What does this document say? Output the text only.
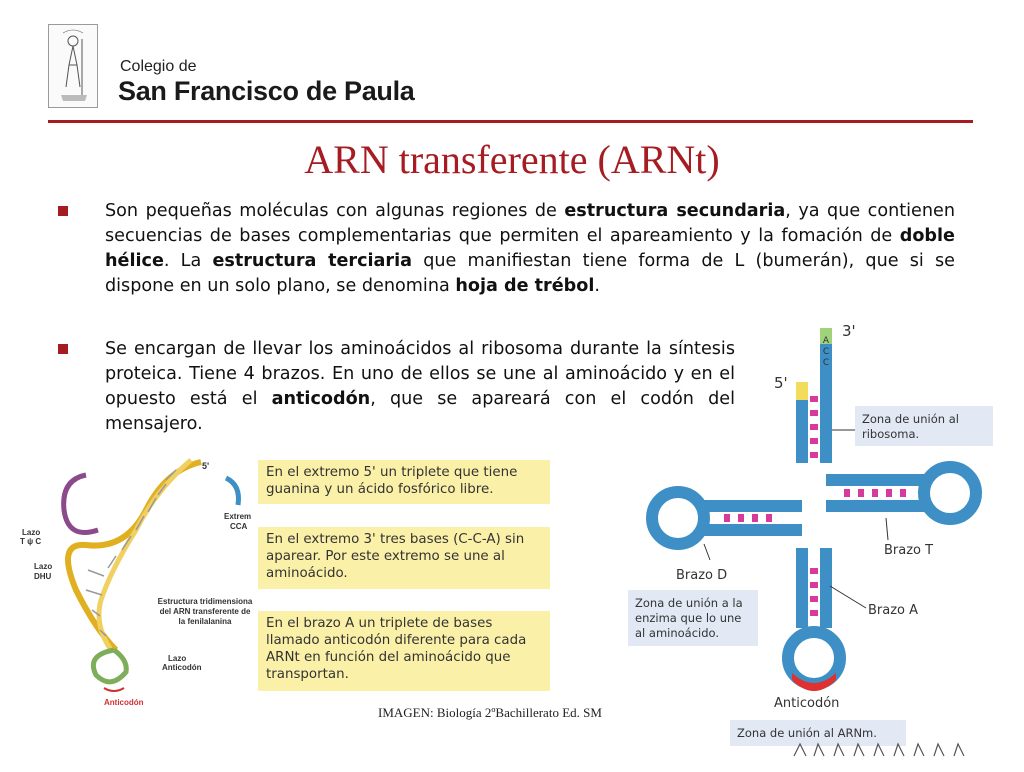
Colegio de
San Francisco de Paula
ARN transferente (ARNt)
Son pequeñas moléculas con algunas regiones de estructura secundaria, ya que contienen secuencias de bases complementarias que permiten el apareamiento y la fomación de doble hélice. La estructura terciaria que manifiestan tiene forma de L (bumerán), que si se dispone en un solo plano, se denomina hoja de trébol.
Se encargan de llevar los aminoácidos al ribosoma durante la síntesis proteica. Tiene 4 brazos. En uno de ellos se une al aminoácido y en el opuesto está el anticodón, que se apareará con el codón del mensajero.
5'
Extrem
CCA
Lazo
T ψ C
Lazo
DHU
Estructura tridimensiona
del ARN transferente de
la fenilalanina
Lazo
Anticodón
Anticodón
En el extremo 5' un triplete que tiene guanina y un ácido fosfórico libre.
En el extremo 3' tres bases (C-C-A) sin aparear. Por este extremo se une al aminoácido.
En el brazo A un triplete de bases llamado anticodón diferente para cada ARNt en función del aminoácido que transportan.
3'
5'
ACC
GCC
Brazo T
Brazo D
Brazo A
Anticodón
Zona de unión al ribosoma.
Zona de unión a la enzima que lo une al aminoácido.
Zona de unión al ARNm.
IMAGEN: Biología 2ºBachillerato Ed. SM
